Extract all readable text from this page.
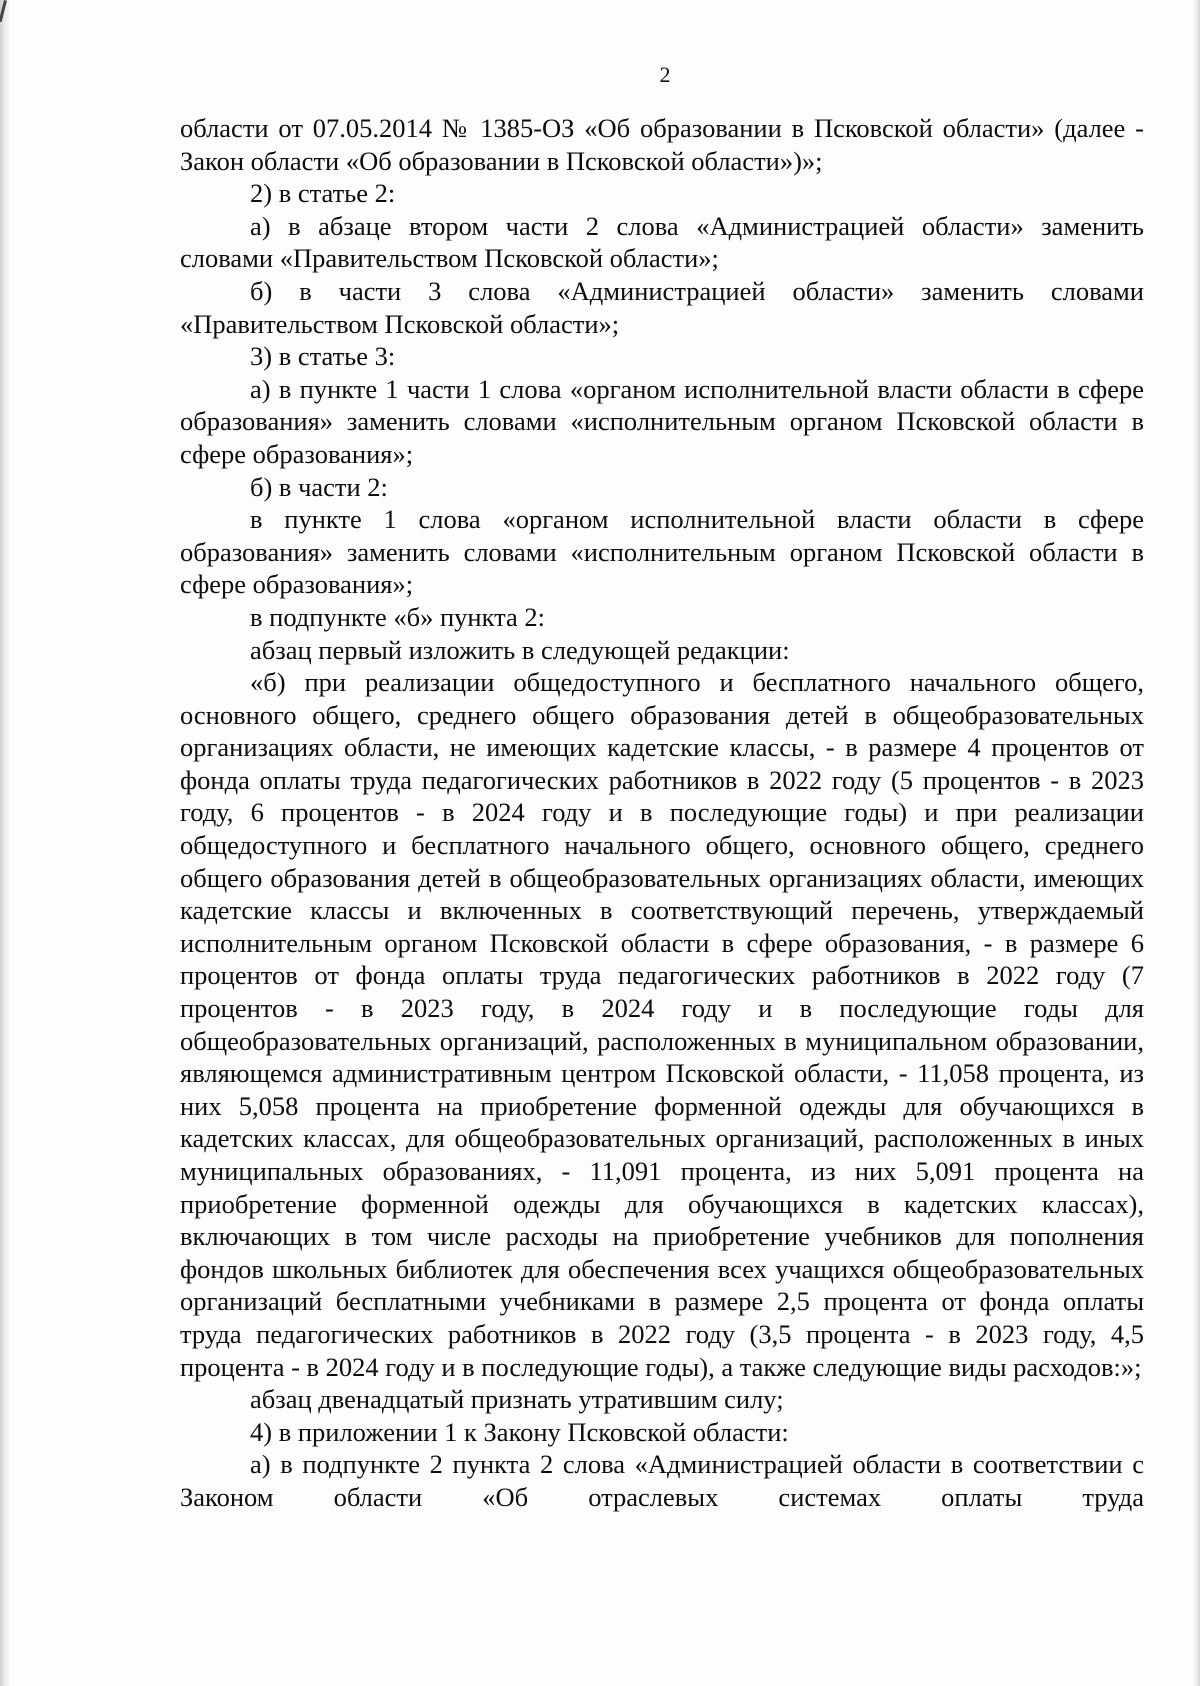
2

области от 07.05.2014 № 1385-ОЗ «Об образовании в Псковской области» (далее - Закон области «Об образовании в Псковской области»)»;

2) в статье 2:

а) в абзаце втором части 2 слова «Администрацией области» заменить словами «Правительством Псковской области»;

б) в части 3 слова «Администрацией области» заменить словами «Правительством Псковской области»;

3) в статье 3:

а) в пункте 1 части 1 слова «органом исполнительной власти области в сфере образования» заменить словами «исполнительным органом Псковской области в сфере образования»;

б) в части 2:

в пункте 1 слова «органом исполнительной власти области в сфере образования» заменить словами «исполнительным органом Псковской области в сфере образования»;

в подпункте «б» пункта 2:

абзац первый изложить в следующей редакции:

«б) при реализации общедоступного и бесплатного начального общего, основного общего, среднего общего образования детей в общеобразовательных организациях области, не имеющих кадетские классы, - в размере 4 процентов от фонда оплаты труда педагогических работников в 2022 году (5 процентов - в 2023 году, 6 процентов - в 2024 году и в последующие годы) и при реализации общедоступного и бесплатного начального общего, основного общего, среднего общего образования детей в общеобразовательных организациях области, имеющих кадетские классы и включенных в соответствующий перечень, утверждаемый исполнительным органом Псковской области в сфере образования, - в размере 6 процентов от фонда оплаты труда педагогических работников в 2022 году (7 процентов - в 2023 году, в 2024 году и в последующие годы для общеобразовательных организаций, расположенных в муниципальном образовании, являющемся административным центром Псковской области, - 11,058 процента, из них 5,058 процента на приобретение форменной одежды для обучающихся в кадетских классах, для общеобразовательных организаций, расположенных в иных муниципальных образованиях, - 11,091 процента, из них 5,091 процента на приобретение форменной одежды для обучающихся в кадетских классах), включающих в том числе расходы на приобретение учебников для пополнения фондов школьных библиотек для обеспечения всех учащихся общеобразовательных организаций бесплатными учебниками в размере 2,5 процента от фонда оплаты труда педагогических работников в 2022 году (3,5 процента - в 2023 году, 4,5 процента - в 2024 году и в последующие годы), а также следующие виды расходов:»;

абзац двенадцатый признать утратившим силу;

4) в приложении 1 к Закону Псковской области:

а) в подпункте 2 пункта 2 слова «Администрацией области в соответствии с Законом области «Об отраслевых системах оплаты труда
